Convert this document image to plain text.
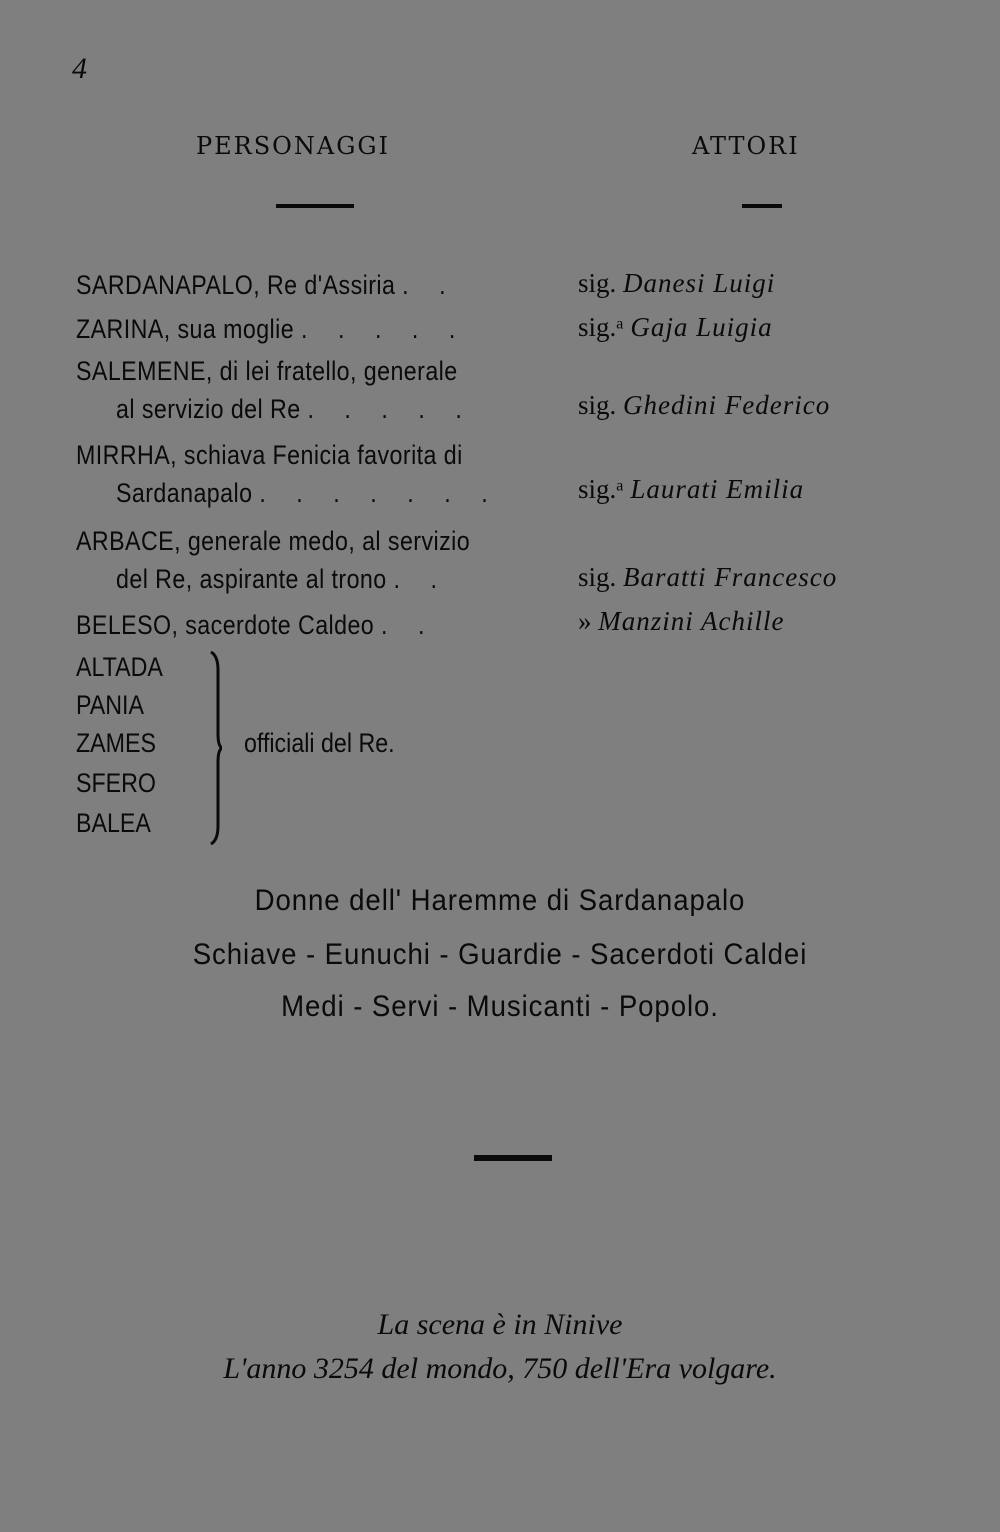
4
PERSONAGGI	ATTORI
SARDANAPALO, Re d'Assiria . .	sig. Danesi Luigi
ZARINA, sua moglie . . . . .	sig.ᵃ Gaja Luigia
SALEMENE, di lei fratello, generale
al servizio del Re . . . . .	sig. Ghedini Federico
MIRRHA, schiava Fenicia favorita di
Sardanapalo . . . . . . .	sig.ᵃ Laurati Emilia
ARBACE, generale medo, al servizio
del Re, aspirante al trono . .	sig. Baratti Francesco
BELESO, sacerdote Caldeo . .	» Manzini Achille
ALTADA
PANIA
ZAMES
SFERO
BALEA
officiali del Re.
Donne dell' Haremme di Sardanapalo
Schiave - Eunuchi - Guardie - Sacerdoti Caldei
Medi - Servi - Musicanti - Popolo.
La scena è in Ninive
L'anno 3254 del mondo, 750 dell'Era volgare.
